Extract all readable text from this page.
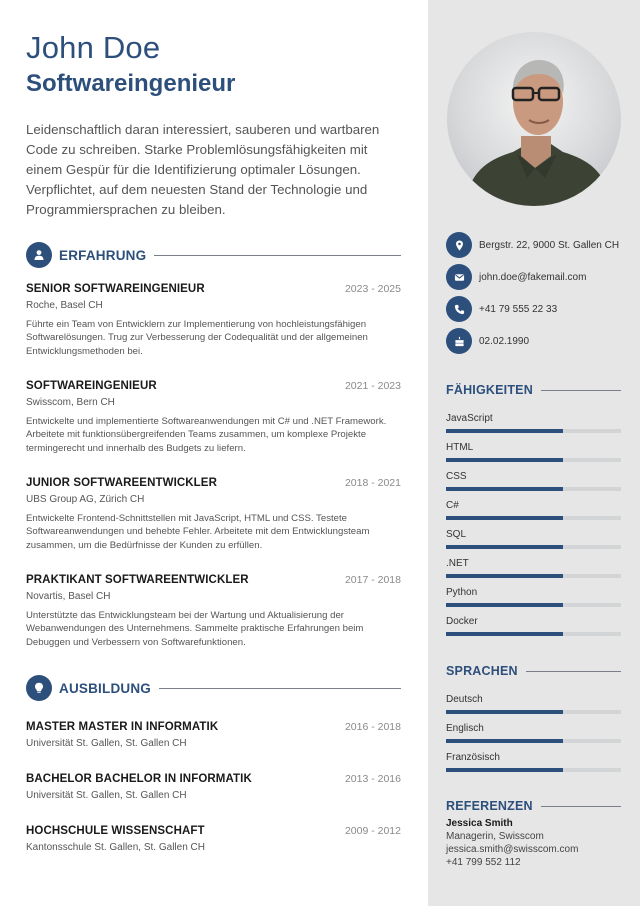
John Doe
Softwareingenieur
Leidenschaftlich daran interessiert, sauberen und wartbaren Code zu schreiben. Starke Problemlösungsfähigkeiten mit einem Gespür für die Identifizierung optimaler Lösungen. Verpflichtet, auf dem neuesten Stand der Technologie und Programmiersprachen zu bleiben.
ERFAHRUNG
SENIOR SOFTWAREINGENIEUR	2023 - 2025
Roche, Basel CH
Führte ein Team von Entwicklern zur Implementierung von hochleistungsfähigen Softwarelösungen. Trug zur Verbesserung der Codequalität und der allgemeinen Entwicklungsmethoden bei.
SOFTWAREINGENIEUR	2021 - 2023
Swisscom, Bern CH
Entwickelte und implementierte Softwareanwendungen mit C# und .NET Framework. Arbeitete mit funktionsübergreifenden Teams zusammen, um komplexe Projekte termingerecht und innerhalb des Budgets zu liefern.
JUNIOR SOFTWAREENTWICKLER	2018 - 2021
UBS Group AG, Zürich CH
Entwickelte Frontend-Schnittstellen mit JavaScript, HTML und CSS. Testete Softwareanwendungen und behebte Fehler. Arbeitete mit dem Entwicklungsteam zusammen, um die Bedürfnisse der Kunden zu erfüllen.
PRAKTIKANT SOFTWAREENTWICKLER	2017 - 2018
Novartis, Basel CH
Unterstützte das Entwicklungsteam bei der Wartung und Aktualisierung der Webanwendungen des Unternehmens. Sammelte praktische Erfahrungen beim Debuggen und Verbessern von Softwarefunktionen.
AUSBILDUNG
MASTER MASTER IN INFORMATIK	2016 - 2018
Universität St. Gallen, St. Gallen CH
BACHELOR BACHELOR IN INFORMATIK	2013 - 2016
Universität St. Gallen, St. Gallen CH
HOCHSCHULE WISSENSCHAFT	2009 - 2012
Kantonsschule St. Gallen, St. Gallen CH
Bergstr. 22, 9000 St. Gallen CH
john.doe@fakemail.com
+41 79 555 22 33
02.02.1990
FÄHIGKEITEN
JavaScript
HTML
CSS
C#
SQL
.NET
Python
Docker
SPRACHEN
Deutsch
Englisch
Französisch
REFERENZEN
Jessica Smith
Managerin, Swisscom
jessica.smith@swisscom.com
+41 799 552 112
